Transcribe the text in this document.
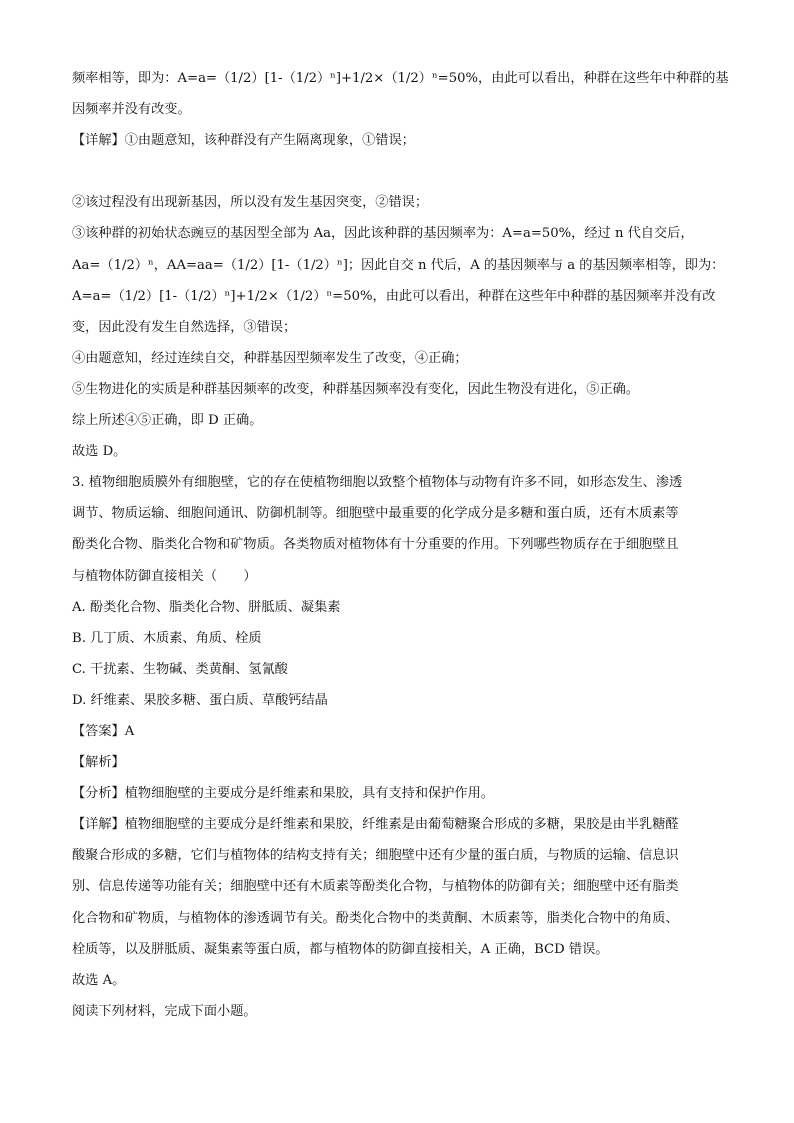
频率相等，即为：A=a=（1/2）[1-（1/2）ⁿ]+1/2×（1/2）ⁿ=50%，由此可以看出，种群在这些年中种群的基
因频率并没有改变。
【详解】①由题意知，该种群没有产生隔离现象，①错误；
②该过程没有出现新基因，所以没有发生基因突变，②错误；
③该种群的初始状态豌豆的基因型全部为 Aa，因此该种群的基因频率为：A=a=50%，经过 n 代自交后，
Aa=（1/2）ⁿ，AA=aa=（1/2）[1-（1/2）ⁿ]；因此自交 n 代后，A 的基因频率与 a 的基因频率相等，即为：
A=a=（1/2）[1-（1/2）ⁿ]+1/2×（1/2）ⁿ=50%，由此可以看出，种群在这些年中种群的基因频率并没有改
变，因此没有发生自然选择，③错误；
④由题意知，经过连续自交，种群基因型频率发生了改变，④正确；
⑤生物进化的实质是种群基因频率的改变，种群基因频率没有变化，因此生物没有进化，⑤正确。
综上所述④⑤正确，即 D 正确。
故选 D。
3. 植物细胞质膜外有细胞壁，它的存在使植物细胞以致整个植物体与动物有许多不同，如形态发生、渗透
调节、物质运输、细胞间通讯、防御机制等。细胞壁中最重要的化学成分是多糖和蛋白质，还有木质素等
酚类化合物、脂类化合物和矿物质。各类物质对植物体有十分重要的作用。下列哪些物质存在于细胞壁且
与植物体防御直接相关（　　）
A. 酚类化合物、脂类化合物、胼胝质、凝集素
B. 几丁质、木质素、角质、栓质
C. 干扰素、生物碱、类黄酮、氢氰酸
D. 纤维素、果胶多糖、蛋白质、草酸钙结晶
【答案】A
【解析】
【分析】植物细胞壁的主要成分是纤维素和果胶，具有支持和保护作用。
【详解】植物细胞壁的主要成分是纤维素和果胶，纤维素是由葡萄糖聚合形成的多糖，果胶是由半乳糖醛
酸聚合形成的多糖，它们与植物体的结构支持有关；细胞壁中还有少量的蛋白质，与物质的运输、信息识
别、信息传递等功能有关；细胞壁中还有木质素等酚类化合物，与植物体的防御有关；细胞壁中还有脂类
化合物和矿物质，与植物体的渗透调节有关。酚类化合物中的类黄酮、木质素等，脂类化合物中的角质、
栓质等，以及胼胝质、凝集素等蛋白质，都与植物体的防御直接相关，A 正确，BCD 错误。
故选 A。
阅读下列材料，完成下面小题。
